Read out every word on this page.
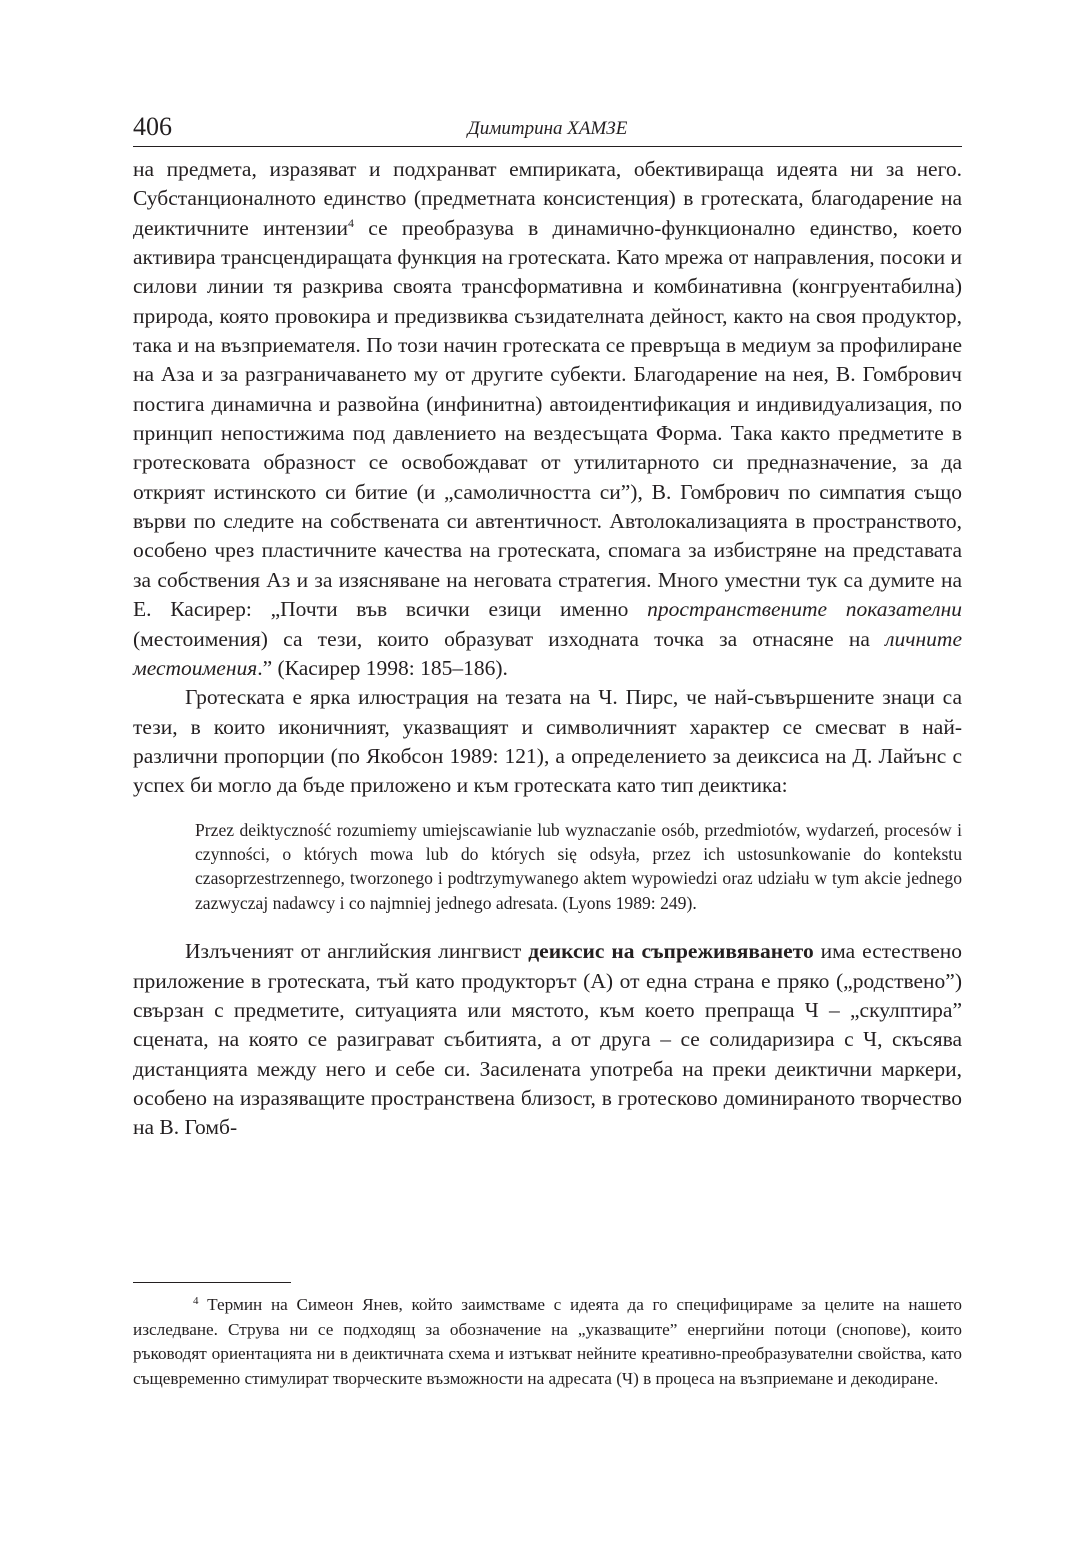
406	Димитрина ХАМЗЕ

на предмета, изразяват и подхранват емпириката, обективираща идеята ни за него. Субстанционалното единство (предметната консистенция) в гротеската, благодарение на деиктичните интензии$^4$ се преобразува в динамично-функционално единство, което активира трансцендиращата функция на гротеската. Като мрежа от направления, посоки и силови линии тя разкрива своята трансформативна и комбинативна (конгруентабилна) природа, която провокира и предизвиква съзидателната дейност, както на своя продуктор, така и на възприемателя. По този начин гротеската се превръща в медиум за профилиране на Аза и за разграничаването му от другите субекти. Благодарение на нея, В. Гомбрович постига динамична и развойна (инфинитна) автоидентификация и индивидуализация, по принцип непостижима под давлението на вездесъщата Форма. Така както предметите в гротесковата образност се освобождават от утилитарното си предназначение, за да открият истинското си битие (и „самоличността си”), В. Гомбрович по симпатия също върви по следите на собствената си автентичност. Автолокализацията в пространството, особено чрез пластичните качества на гротеската, спомага за избистряне на представата за собствения Аз и за изясняване на неговата стратегия. Много уместни тук са думите на Е. Касирер: „Почти във всички езици именно пространствените показателни (местоимения) са тези, които образуват изходната точка за отнасяне на личните местоимения.” (Касирер 1998: 185–186).

Гротеската е ярка илюстрация на тезата на Ч. Пирс, че най-съвършените знаци са тези, в които иконичният, указващият и символичният характер се смесват в най-различни пропорции (по Якобсон 1989: 121), а определението за деиксиса на Д. Лайънс с успех би могло да бъде приложено и към гротеската като тип деиктика:

Przez deiktyczność rozumiemy umiejscawianie lub wyznaczanie osób, przedmiotów, wydarzeń, procesów i czynności, o których mowa lub do których się odsyła, przez ich ustosunkowanie do kontekstu czasoprzestrzennego, tworzonego i podtrzymywanego aktem wypowiedzi oraz udziału w tym akcie jednego zazwyczaj nadawcy i co najmniej jednego adresata. (Lyons 1989: 249).

Излъченият от английския лингвист деиксис на съпреживяването има естествено приложение в гротеската, тъй като продукторът (А) от една страна е пряко („родствено”) свързан с предметите, ситуацията или мястото, към което препраща Ч – „скулптира” сцената, на която се разиграват събитията, а от друга – се солидаризира с Ч, скъсява дистанцията между него и себе си. Засилената употреба на преки деиктични маркери, особено на изразяващите пространствена близост, в гротесково доминираното творчество на В. Гомб-

$^4$ Термин на Симеон Янев, който заимстваме с идеята да го специфицираме за целите на нашето изследване. Струва ни се подходящ за обозначение на „указващите” енергийни потоци (снопове), които ръководят ориентацията ни в деиктичната схема и изтъкват нейните креативно-преобразувателни свойства, като същевременно стимулират творческите възможности на адресата (Ч) в процеса на възприемане и декодиране.
